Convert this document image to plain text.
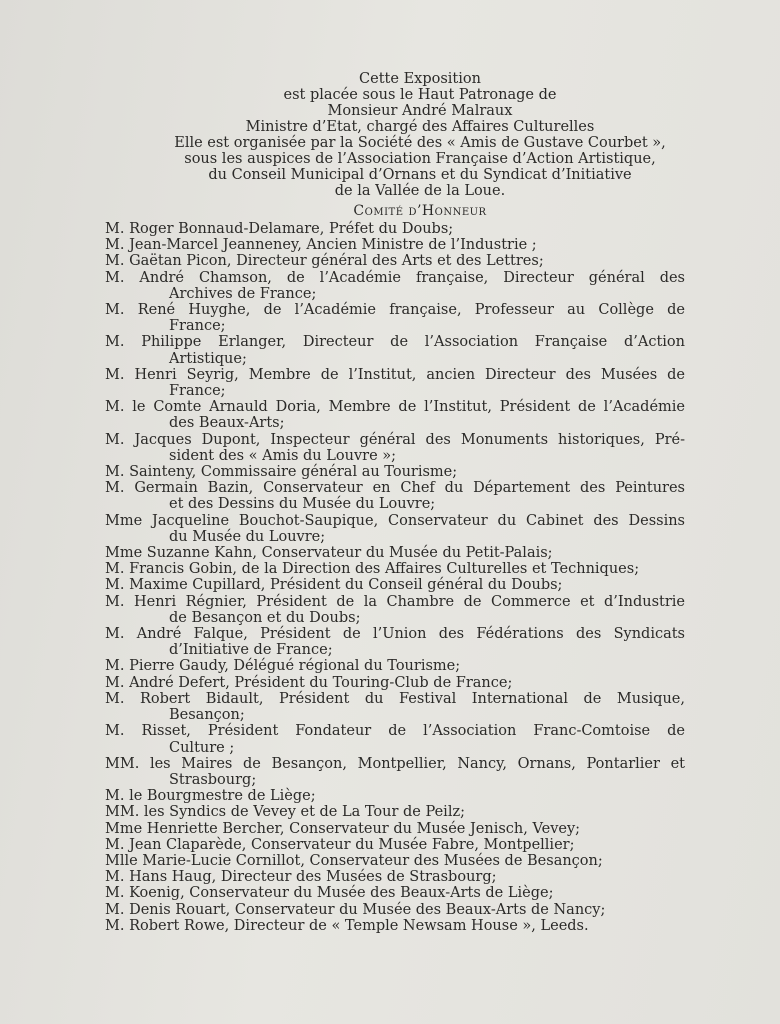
Cette Exposition
est placée sous le Haut Patronage de
Monsieur André Malraux
Ministre d’Etat, chargé des Affaires Culturelles
Elle est organisée par la Société des « Amis de Gustave Courbet »,
sous les auspices de l’Association Française d’Action Artistique,
du Conseil Municipal d’Ornans et du Syndicat d’Initiative
de la Vallée de la Loue.
Comité d’Honneur
M. Roger Bonnaud-Delamare, Préfet du Doubs;
M. Jean-Marcel Jeanneney, Ancien Ministre de l’Industrie ;
M. Gaëtan Picon, Directeur général des Arts et des Lettres;
M. André Chamson, de l’Académie française, Directeur général des
Archives de France;
M. René Huyghe, de l’Académie française, Professeur au Collège de
France;
M. Philippe Erlanger, Directeur de l’Association Française d’Action
Artistique;
M. Henri Seyrig, Membre de l’Institut, ancien Directeur des Musées de
France;
M. le Comte Arnauld Doria, Membre de l’Institut, Président de l’Académie
des Beaux-Arts;
M. Jacques Dupont, Inspecteur général des Monuments historiques, Pré-
sident des « Amis du Louvre »;
M. Sainteny, Commissaire général au Tourisme;
M. Germain Bazin, Conservateur en Chef du Département des Peintures
et des Dessins du Musée du Louvre;
Mme Jacqueline Bouchot-Saupique, Conservateur du Cabinet des Dessins
du Musée du Louvre;
Mme Suzanne Kahn, Conservateur du Musée du Petit-Palais;
M. Francis Gobin, de la Direction des Affaires Culturelles et Techniques;
M. Maxime Cupillard, Président du Conseil général du Doubs;
M. Henri Régnier, Président de la Chambre de Commerce et d’Industrie
de Besançon et du Doubs;
M. André Falque, Président de l’Union des Fédérations des Syndicats
d’Initiative de France;
M. Pierre Gaudy, Délégué régional du Tourisme;
M. André Defert, Président du Touring-Club de France;
M. Robert Bidault, Président du Festival International de Musique,
Besançon;
M. Risset, Président Fondateur de l’Association Franc-Comtoise de
Culture ;
MM. les Maires de Besançon, Montpellier, Nancy, Ornans, Pontarlier et
Strasbourg;
M. le Bourgmestre de Liège;
MM. les Syndics de Vevey et de La Tour de Peilz;
Mme Henriette Bercher, Conservateur du Musée Jenisch, Vevey;
M. Jean Claparède, Conservateur du Musée Fabre, Montpellier;
Mlle Marie-Lucie Cornillot, Conservateur des Musées de Besançon;
M. Hans Haug, Directeur des Musées de Strasbourg;
M. Koenig, Conservateur du Musée des Beaux-Arts de Liège;
M. Denis Rouart, Conservateur du Musée des Beaux-Arts de Nancy;
M. Robert Rowe, Directeur de « Temple Newsam House », Leeds.
